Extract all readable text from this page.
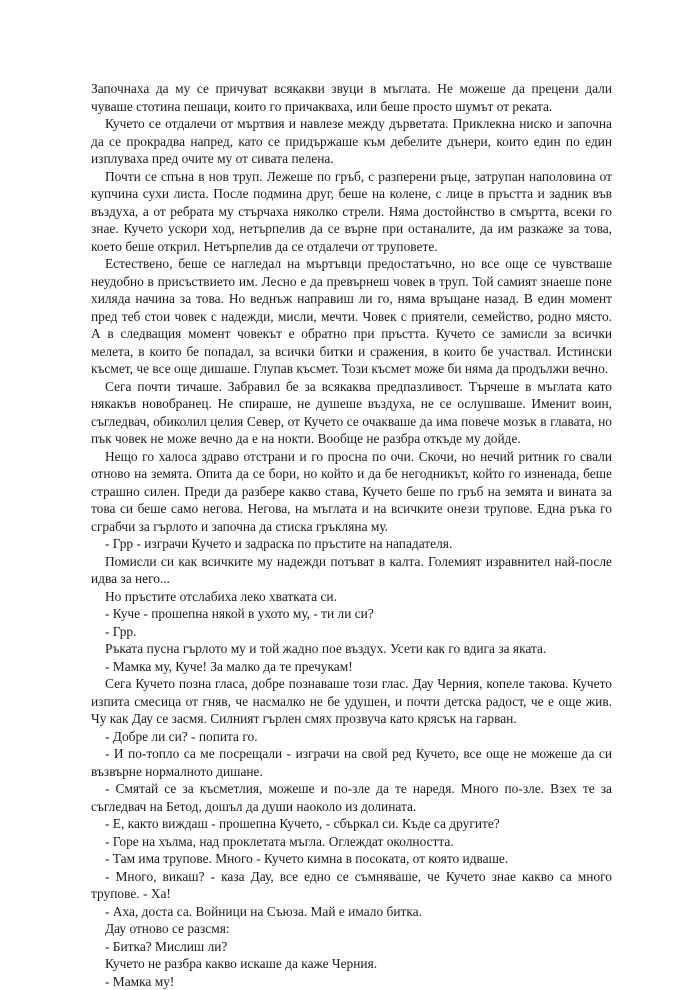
Започнаха да му се причуват всякакви звуци в мъглата. Не можеше да прецени дали чуваше стотина пешаци, които го причакваха, или беше просто шумът от реката.

Кучето се отдалечи от мъртвия и навлезе между дърветата. Приклекна ниско и започна да се прокрадва напред, като се придържаше към дебелите дънери, които един по един изплуваха пред очите му от сивата пелена.

Почти се спъна в нов труп. Лежеше по гръб, с разперени ръце, затрупан наполовина от купчина сухи листа. После подмина друг, беше на колене, с лице в пръстта и задник във въздуха, а от ребрата му стърчаха няколко стрели. Няма достойнство в смъртта, всеки го знае. Кучето ускори ход, нетърпелив да се върне при останалите, да им разкаже за това, което беше открил. Нетърпелив да се отдалечи от труповете.

Естествено, беше се нагледал на мъртъвци предостатъчно, но все още се чувстваше неудобно в присъствието им. Лесно е да превърнеш човек в труп. Той самият знаеше поне хиляда начина за това. Но веднъж направиш ли го, няма връщане назад. В един момент пред теб стои човек с надежди, мисли, мечти. Човек с приятели, семейство, родно място. А в следващия момент човекът е обратно при пръстта. Кучето се замисли за всички мелета, в които бе попадал, за всички битки и сражения, в които бе участвал. Истински късмет, че все още дишаше. Глупав късмет. Този късмет може би няма да продължи вечно.

Сега почти тичаше. Забравил бе за всякаква предпазливост. Търчеше в мъглата като някакъв новобранец. Не спираше, не душеше въздуха, не се ослушваше. Именит воин, съгледвач, обиколил целия Север, от Кучето се очакваше да има повече мозък в главата, но пък човек не може вечно да е на нокти. Вообще не разбра откъде му дойде.

Нещо го халоса здраво отстрани и го просна по очи. Скочи, но нечий ритник го свали отново на земята. Опита да се бори, но който и да бе негодникът, който го изненада, беше страшно силен. Преди да разбере какво става, Кучето беше по гръб на земята и вината за това си беше само негова. Негова, на мъглата и на всичките онези трупове. Една ръка го сграбчи за гърлото и започна да стиска гръкляна му.

- Грр - изграчи Кучето и задраска по пръстите на нападателя.

Помисли си как всичките му надежди потъват в калта. Големият изравнител най-после идва за него...

Но пръстите отслабиха леко хватката си.

- Куче - прошепна някой в ухото му, - ти ли си?

- Грр.

Ръката пусна гърлото му и той жадно пое въздух. Усети как го вдига за яката.

- Мамка му, Куче! За малко да те пречукам!

Сега Кучето позна гласа, добре познаваше този глас. Дау Черния, копеле такова. Кучето изпита смесица от гняв, че насмалко не бе удушен, и почти детска радост, че е още жив. Чу как Дау се засмя. Силният гърлен смях прозвуча като крясък на гарван.

- Добре ли си? - попита го.

- И по-топло са ме посрещали - изграчи на свой ред Кучето, все още не можеше да си възвърне нормалното дишане.

- Смятай се за късметлия, можеше и по-зле да те наредя. Много по-зле. Взех те за съгледвач на Бетод, дошъл да души наоколо из долината.

- Е, както виждаш - прошепна Кучето, - сбъркал си. Къде са другите?

- Горе на хълма, над проклетата мъгла. Оглеждат околността.

- Там има трупове. Много - Кучето кимна в посоката, от която идваше.

- Много, викаш? - каза Дау, все едно се съмняваше, че Кучето знае какво са много трупове. - Ха!

- Аха, доста са. Войници на Съюза. Май е имало битка.

Дау отново се разсмя:

- Битка? Мислиш ли?

Кучето не разбра какво искаше да каже Черния.

- Мамка му!
